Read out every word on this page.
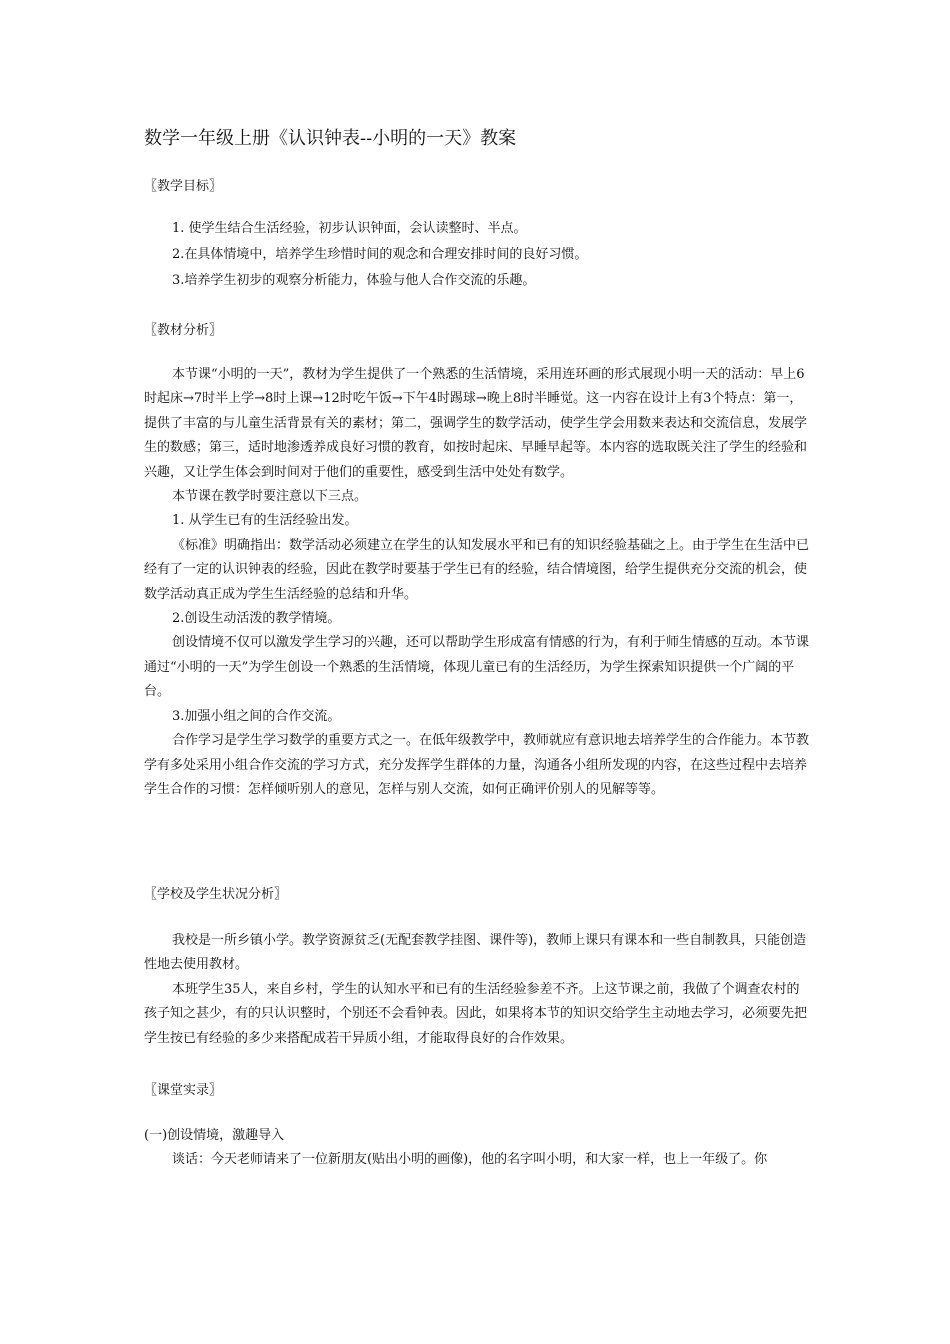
数学一年级上册《认识钟表--小明的一天》教案
〖教学目标〗
1. 使学生结合生活经验，初步认识钟面，会认读整时、半点。
2.在具体情境中，培养学生珍惜时间的观念和合理安排时间的良好习惯。
3.培养学生初步的观察分析能力，体验与他人合作交流的乐趣。
〖教材分析〗

本节课“小明的一天”，教材为学生提供了一个熟悉的生活情境，采用连环画的形式展现小明一天的活动：早上6时起床→7时半上学→8时上课→12时吃午饭→下午4时踢球→晚上8时半睡觉。这一内容在设计上有3个特点：第一，提供了丰富的与儿童生活背景有关的素材；第二，强调学生的数学活动，使学生学会用数来表达和交流信息，发展学生的数感；第三，适时地渗透养成良好习惯的教育，如按时起床、早睡早起等。本内容的选取既关注了学生的经验和兴趣，又让学生体会到时间对于他们的重要性，感受到生活中处处有数学。

本节课在教学时要注意以下三点。

1. 从学生已有的生活经验出发。

《标准》明确指出：数学活动必须建立在学生的认知发展水平和已有的知识经验基础之上。由于学生在生活中已经有了一定的认识钟表的经验，因此在教学时要基于学生已有的经验，结合情境图，给学生提供充分交流的机会，使数学活动真正成为学生生活经验的总结和升华。

2.创设生动活泼的教学情境。

创设情境不仅可以激发学生学习的兴趣，还可以帮助学生形成富有情感的行为，有利于师生情感的互动。本节课通过“小明的一天”为学生创设一个熟悉的生活情境，体现儿童已有的生活经历，为学生探索知识提供一个广阔的平台。

3.加强小组之间的合作交流。

合作学习是学生学习数学的重要方式之一。在低年级教学中，教师就应有意识地去培养学生的合作能力。本节教学有多处采用小组合作交流的学习方式，充分发挥学生群体的力量，沟通各小组所发现的内容，在这些过程中去培养学生合作的习惯：怎样倾听别人的意见，怎样与别人交流，如何正确评价别人的见解等等。

〖学校及学生状况分析〗

我校是一所乡镇小学。教学资源贫乏(无配套教学挂图、课件等)，教师上课只有课本和一些自制教具，只能创造性地去使用教材。

本班学生35人，来自乡村，学生的认知水平和已有的生活经验参差不齐。上这节课之前，我做了个调查农村的孩子知之甚少，有的只认识整时，个别还不会看钟表。因此，如果将本节的知识交给学生主动地去学习，必须要先把学生按已有经验的多少来搭配成若干异质小组，才能取得良好的合作效果。

〖课堂实录〗

(一)创设情境，激趣导入

谈话：今天老师请来了一位新朋友(贴出小明的画像)，他的名字叫小明，和大家一样，也上一年级了。你
